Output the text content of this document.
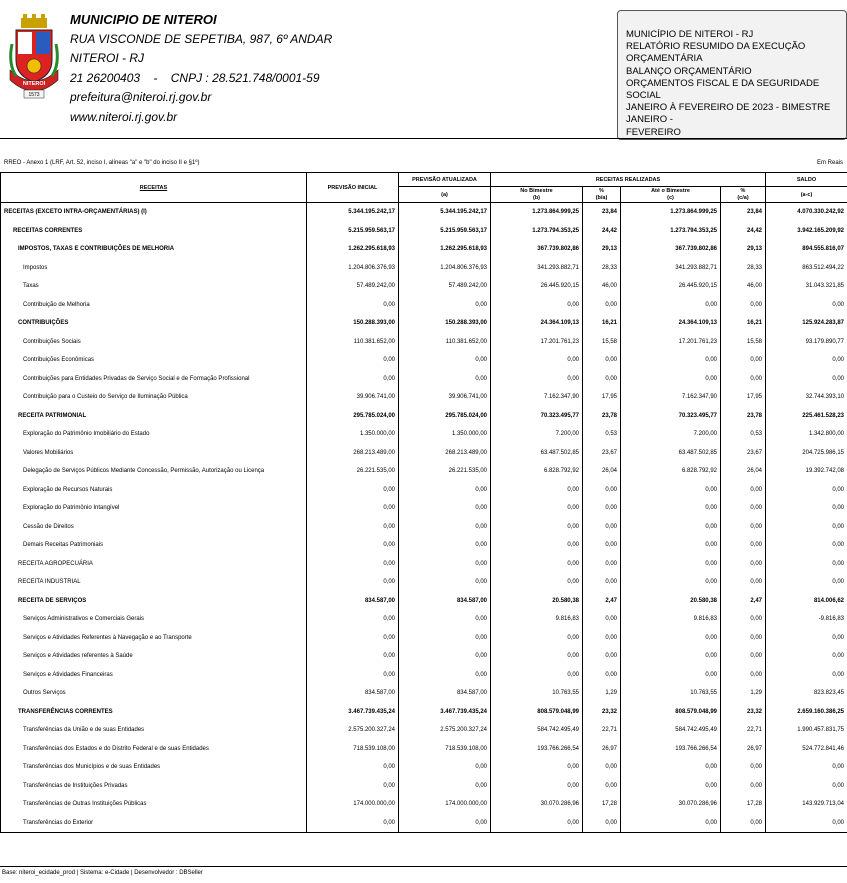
NITEROI
1573
MUNICIPIO DE NITEROI
RUA VISCONDE DE SEPETIBA, 987, 6º ANDAR
NITEROI - RJ
21 26200403    -    CNPJ : 28.521.748/0001-59
prefeitura@niteroi.rj.gov.br
www.niteroi.rj.gov.br
MUNICÍPIO DE NITEROI - RJ
RELATÓRIO RESUMIDO DA EXECUÇÃO ORÇAMENTÁRIA
BALANÇO ORÇAMENTÁRIO
ORÇAMENTOS FISCAL E DA SEGURIDADE SOCIAL
JANEIRO À FEVEREIRO DE 2023 - BIMESTRE JANEIRO -
FEVEREIRO
RREO - Anexo 1 (LRF, Art. 52, inciso I, alíneas "a" e "b" do inciso II e §1º)	Em Reais
RECEITAS	PREVISÃO INICIAL	PREVISÃO ATUALIZADA	RECEITAS REALIZADAS				SALDO
		(a)	No Bimestre	%	Até o Bimestre	%	(a-c)
			(b)	(b/a)	(c)	(c/a)	
RECEITAS (EXCETO INTRA-ORÇAMENTÁRIAS) (I)	5.344.195.242,17	5.344.195.242,17	1.273.864.999,25	23,84	1.273.864.999,25	23,84	4.070.330.242,92
RECEITAS CORRENTES	5.215.959.563,17	5.215.959.563,17	1.273.794.353,25	24,42	1.273.794.353,25	24,42	3.942.165.209,92
IMPOSTOS, TAXAS E CONTRIBUIÇÕES DE MELHORIA	1.262.295.618,93	1.262.295.618,93	367.739.802,86	29,13	367.739.802,86	29,13	894.555.816,07
Impostos	1.204.806.376,93	1.204.806.376,93	341.293.882,71	28,33	341.293.882,71	28,33	863.512.494,22
Taxas	57.489.242,00	57.489.242,00	26.445.920,15	46,00	26.445.920,15	46,00	31.043.321,85
Contribuição de Melhoria	0,00	0,00	0,00	0,00	0,00	0,00	0,00
CONTRIBUIÇÕES	150.288.393,00	150.288.393,00	24.364.109,13	16,21	24.364.109,13	16,21	125.924.283,87
Contribuições Sociais	110.381.652,00	110.381.652,00	17.201.761,23	15,58	17.201.761,23	15,58	93.179.890,77
Contribuições Econômicas	0,00	0,00	0,00	0,00	0,00	0,00	0,00
Contribuições para Entidades Privadas de Serviço Social e de Formação Profissional	0,00	0,00	0,00	0,00	0,00	0,00	0,00
Contribuição para o Custeio do Serviço de Iluminação Pública	39.906.741,00	39.906.741,00	7.162.347,90	17,95	7.162.347,90	17,95	32.744.393,10
RECEITA PATRIMONIAL	295.785.024,00	295.785.024,00	70.323.495,77	23,78	70.323.495,77	23,78	225.461.528,23
Exploração do Patrimônio Imobiliário do Estado	1.350.000,00	1.350.000,00	7.200,00	0,53	7.200,00	0,53	1.342.800,00
Valores Mobiliários	268.213.489,00	268.213.489,00	63.487.502,85	23,67	63.487.502,85	23,67	204.725.986,15
Delegação de Serviços Públicos Mediante Concessão, Permissão, Autorização ou Licença	26.221.535,00	26.221.535,00	6.828.792,92	26,04	6.828.792,92	26,04	19.392.742,08
Exploração de Recursos Naturais	0,00	0,00	0,00	0,00	0,00	0,00	0,00
Exploração do Patrimônio Intangível	0,00	0,00	0,00	0,00	0,00	0,00	0,00
Cessão de Direitos	0,00	0,00	0,00	0,00	0,00	0,00	0,00
Demais Receitas Patrimoniais	0,00	0,00	0,00	0,00	0,00	0,00	0,00
RECEITA AGROPECUÁRIA	0,00	0,00	0,00	0,00	0,00	0,00	0,00
RECEITA INDUSTRIAL	0,00	0,00	0,00	0,00	0,00	0,00	0,00
RECEITA DE SERVIÇOS	834.587,00	834.587,00	20.580,38	2,47	20.580,38	2,47	814.006,62
Serviços Administrativos e Comerciais Gerais	0,00	0,00	9.816,83	0,00	9.816,83	0,00	-9.816,83
Serviços e Atividades Referentes à Navegação e ao Transporte	0,00	0,00	0,00	0,00	0,00	0,00	0,00
Serviços e Atividades referentes à Saúde	0,00	0,00	0,00	0,00	0,00	0,00	0,00
Serviços e Atividades Financeiras	0,00	0,00	0,00	0,00	0,00	0,00	0,00
Outros Serviços	834.587,00	834.587,00	10.763,55	1,29	10.763,55	1,29	823.823,45
TRANSFERÊNCIAS CORRENTES	3.467.739.435,24	3.467.739.435,24	808.579.048,99	23,32	808.579.048,99	23,32	2.659.160.386,25
Transferências da União e de suas Entidades	2.575.200.327,24	2.575.200.327,24	584.742.495,49	22,71	584.742.495,49	22,71	1.990.457.831,75
Transferências dos Estados e do Distrito Federal e de suas Entidades	718.539.108,00	718.539.108,00	193.766.266,54	26,97	193.766.266,54	26,97	524.772.841,46
Transferências dos Municípios e de suas Entidades	0,00	0,00	0,00	0,00	0,00	0,00	0,00
Transferências de Instituições Privadas	0,00	0,00	0,00	0,00	0,00	0,00	0,00
Transferências de Outras Instituições Públicas	174.000.000,00	174.000.000,00	30.070.286,96	17,28	30.070.286,96	17,28	143.929.713,04
Transferências do Exterior	0,00	0,00	0,00	0,00	0,00	0,00	0,00
Base: niteroi_ecidade_prod | Sistema: e-Cidade | Desenvolvedor : DBSeller
